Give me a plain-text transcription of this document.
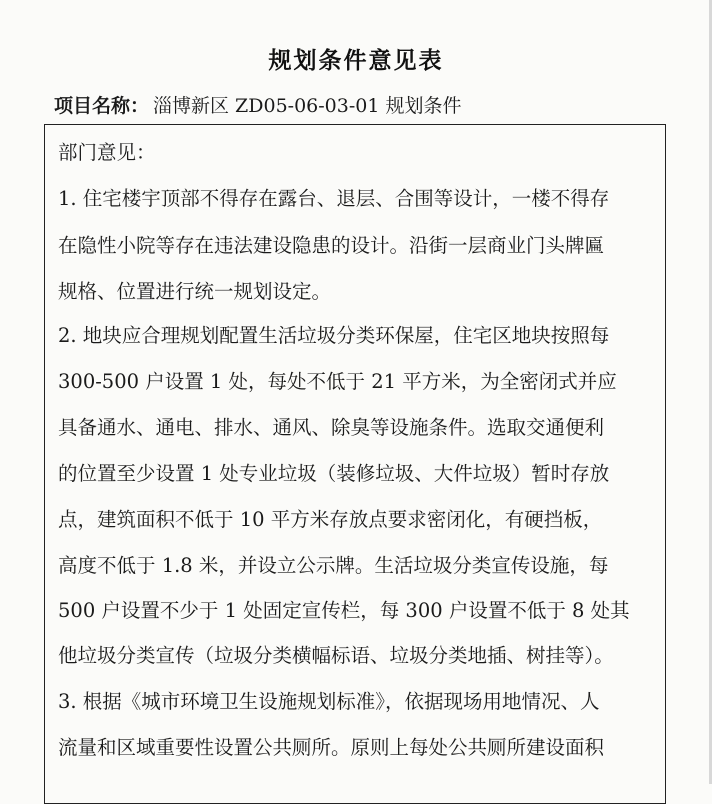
规划条件意见表
项目名称： 淄博新区 ZD05-06-03-01 规划条件
部门意见：
1. 住宅楼宇顶部不得存在露台、退层、合围等设计，一楼不得存
在隐性小院等存在违法建设隐患的设计。沿街一层商业门头牌匾
规格、位置进行统一规划设定。
2. 地块应合理规划配置生活垃圾分类环保屋，住宅区地块按照每
300-500 户设置 1 处，每处不低于 21 平方米，为全密闭式并应
具备通水、通电、排水、通风、除臭等设施条件。选取交通便利
的位置至少设置 1 处专业垃圾（装修垃圾、大件垃圾）暂时存放
点，建筑面积不低于 10 平方米存放点要求密闭化，有硬挡板，
高度不低于 1.8 米，并设立公示牌。生活垃圾分类宣传设施，每
500 户设置不少于 1 处固定宣传栏，每 300 户设置不低于 8 处其
他垃圾分类宣传（垃圾分类横幅标语、垃圾分类地插、树挂等）。
3. 根据《城市环境卫生设施规划标准》，依据现场用地情况、人
流量和区域重要性设置公共厕所。原则上每处公共厕所建设面积
